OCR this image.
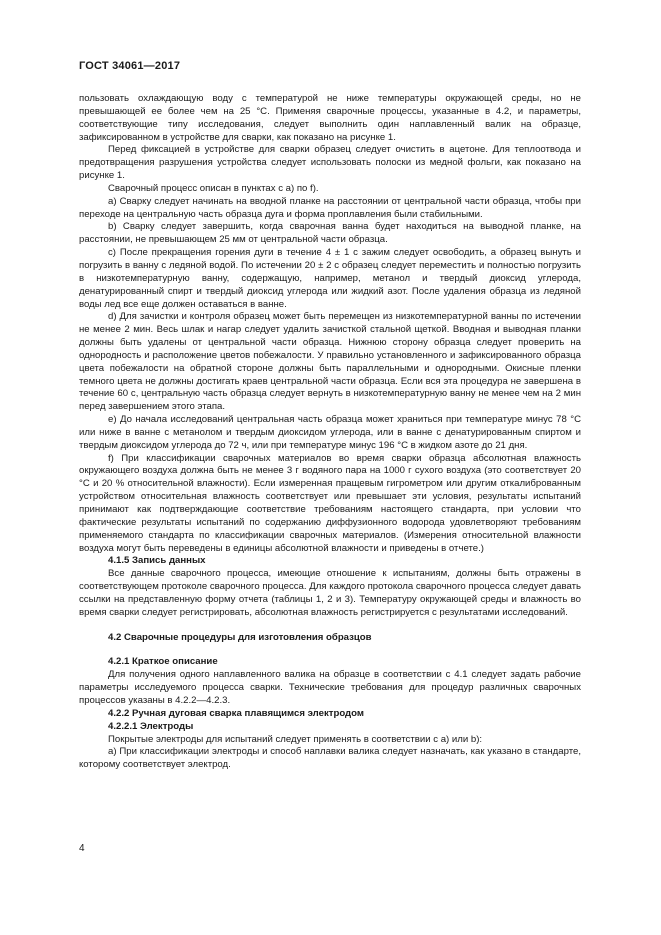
ГОСТ 34061—2017

пользовать охлаждающую воду с температурой не ниже температуры окружающей среды, но не превышающей ее более чем на 25 °C. Применяя сварочные процессы, указанные в 4.2, и параметры, соответствующие типу исследования, следует выполнить один наплавленный валик на образце, зафиксированном в устройстве для сварки, как показано на рисунке 1.

Перед фиксацией в устройстве для сварки образец следует очистить в ацетоне. Для теплоотвода и предотвращения разрушения устройства следует использовать полоски из медной фольги, как показано на рисунке 1.

Сварочный процесс описан в пунктах с а) по f).

а) Сварку следует начинать на вводной планке на расстоянии от центральной части образца, чтобы при переходе на центральную часть образца дуга и форма проплавления были стабильными.

b) Сварку следует завершить, когда сварочная ванна будет находиться на выводной планке, на расстоянии, не превышающем 25 мм от центральной части образца.

с) После прекращения горения дуги в течение 4 ± 1 с зажим следует освободить, а образец вынуть и погрузить в ванну с ледяной водой. По истечении 20 ± 2 с образец следует переместить и полностью погрузить в низкотемпературную ванну, содержащую, например, метанол и твердый диоксид углерода, денатурированный спирт и твердый диоксид углерода или жидкий азот. После удаления образца из ледяной воды лед все еще должен оставаться в ванне.

d) Для зачистки и контроля образец может быть перемещен из низкотемпературной ванны по истечении не менее 2 мин. Весь шлак и нагар следует удалить зачисткой стальной щеткой. Вводная и выводная планки должны быть удалены от центральной части образца. Нижнюю сторону образца следует проверить на однородность и расположение цветов побежалости. У правильно установленного и зафиксированного образца цвета побежалости на обратной стороне должны быть параллельными и однородными. Окисные пленки темного цвета не должны достигать краев центральной части образца. Если вся эта процедура не завершена в течение 60 с, центральную часть образца следует вернуть в низкотемпературную ванну не менее чем на 2 мин перед завершением этого этапа.

е) До начала исследований центральная часть образца может храниться при температуре минус 78 °C или ниже в ванне с метанолом и твердым диоксидом углерода, или в ванне с денатурированным спиртом и твердым диоксидом углерода до 72 ч, или при температуре минус 196 °C в жидком азоте до 21 дня.

f) При классификации сварочных материалов во время сварки образца абсолютная влажность окружающего воздуха должна быть не менее 3 г водяного пара на 1000 г сухого воздуха (это соответствует 20 °C и 20 % относительной влажности). Если измеренная пращевым гигрометром или другим откалиброванным устройством относительная влажность соответствует или превышает эти условия, результаты испытаний принимают как подтверждающие соответствие требованиям настоящего стандарта, при условии что фактические результаты испытаний по содержанию диффузионного водорода удовлетворяют требованиям применяемого стандарта по классификации сварочных материалов. (Измерения относительной влажности воздуха могут быть переведены в единицы абсолютной влажности и приведены в отчете.)

4.1.5 Запись данных

Все данные сварочного процесса, имеющие отношение к испытаниям, должны быть отражены в соответствующем протоколе сварочного процесса. Для каждого протокола сварочного процесса следует давать ссылки на представленную форму отчета (таблицы 1, 2 и 3). Температуру окружающей среды и влажность во время сварки следует регистрировать, абсолютная влажность регистрируется с результатами исследований.

4.2 Сварочные процедуры для изготовления образцов

4.2.1 Краткое описание

Для получения одного наплавленного валика на образце в соответствии с 4.1 следует задать рабочие параметры исследуемого процесса сварки. Технические требования для процедур различных сварочных процессов указаны в 4.2.2—4.2.3.

4.2.2 Ручная дуговая сварка плавящимся электродом

4.2.2.1 Электроды

Покрытые электроды для испытаний следует применять в соответствии с а) или b):

а) При классификации электроды и способ наплавки валика следует назначать, как указано в стандарте, которому соответствует электрод.

4
